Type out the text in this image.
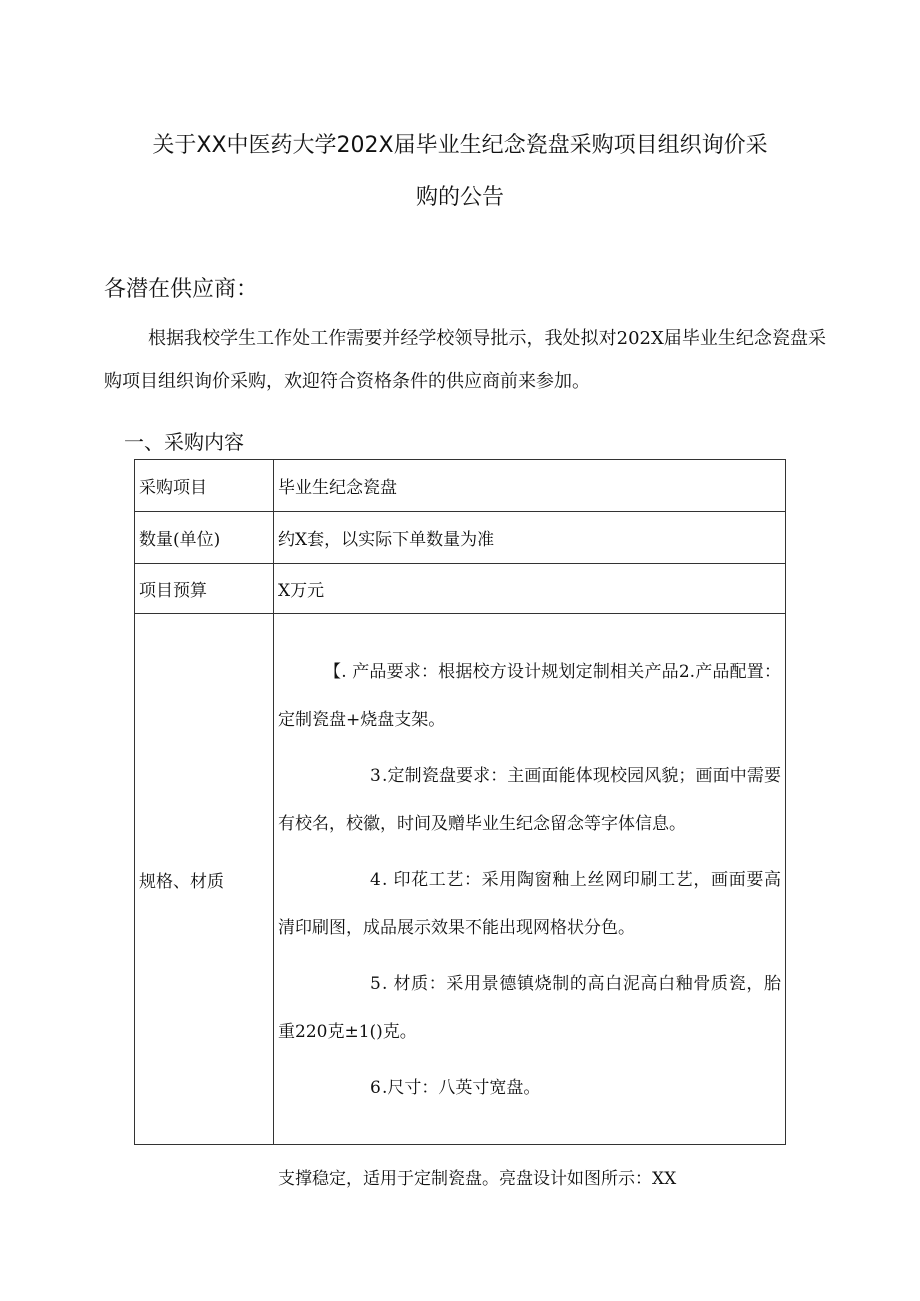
关于XX中医药大学202X届毕业生纪念瓷盘采购项目组织询价采
购的公告
各潜在供应商：
根据我校学生工作处工作需要并经学校领导批示，我处拟对202X届毕业生纪念瓷盘采购项目组织询价采购，欢迎符合资格条件的供应商前来参加。
一、采购内容
采购项目	毕业生纪念瓷盘
数量(单位)	约X套，以实际下单数量为准
项目预算	X万元
规格、材质	【. 产品要求：根据校方设计规划定制相关产品2.产品配置：定制瓷盘+烧盘支架。

3.定制瓷盘要求：主画面能体现校园风貌；画面中需要有校名，校徽，时间及赠毕业生纪念留念等字体信息。

4. 印花工艺：采用陶窗釉上丝网印刷工艺，画面要高清印刷图，成品展示效果不能出现网格状分色。

5. 材质：采用景德镇烧制的高白泥高白釉骨质瓷，胎重220克±1()克。

6.尺寸：八英寸宽盘。

支撑稳定，适用于定制瓷盘。亮盘设计如图所示：XX
